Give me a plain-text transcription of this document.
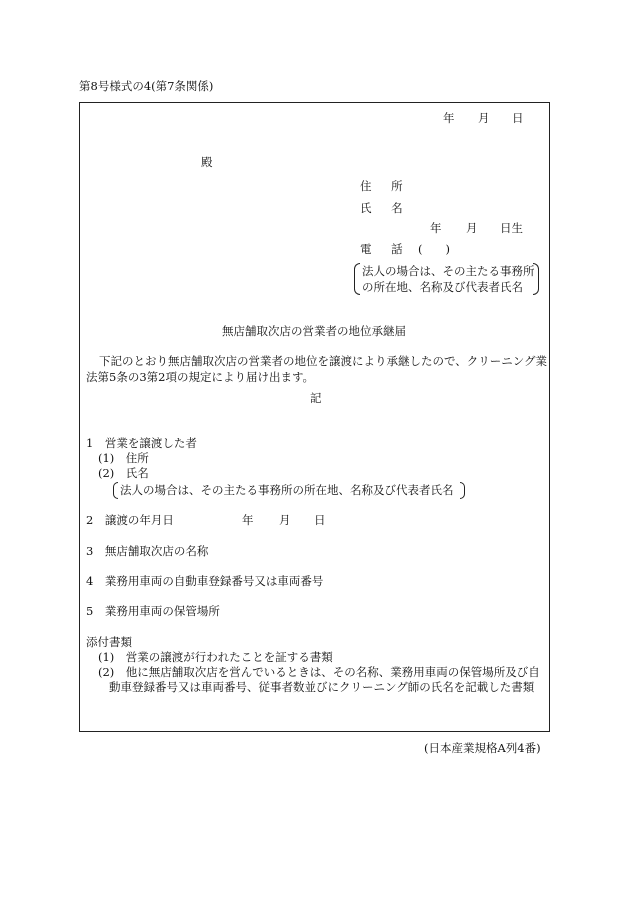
第8号様式の4(第7条関係)
年 月 日
殿
住 所
氏 名
年 月 日生
電 話 (　　)
法人の場合は、その主たる事務所
の所在地、名称及び代表者氏名
無店舗取次店の営業者の地位承継届
下記のとおり無店舗取次店の営業者の地位を譲渡により承継したので、クリーニング業
法第5条の3第2項の規定により届け出ます。
記
1　営業を譲渡した者
(1)　住所
(2)　氏名
法人の場合は、その主たる事務所の所在地、名称及び代表者氏名
2　譲渡の年月日	年 月 日
3　無店舗取次店の名称
4　業務用車両の自動車登録番号又は車両番号
5　業務用車両の保管場所
添付書類
(1)　営業の譲渡が行われたことを証する書類
(2)　他に無店舗取次店を営んでいるときは、その名称、業務用車両の保管場所及び自
動車登録番号又は車両番号、従事者数並びにクリーニング師の氏名を記載した書類
(日本産業規格A列4番)
